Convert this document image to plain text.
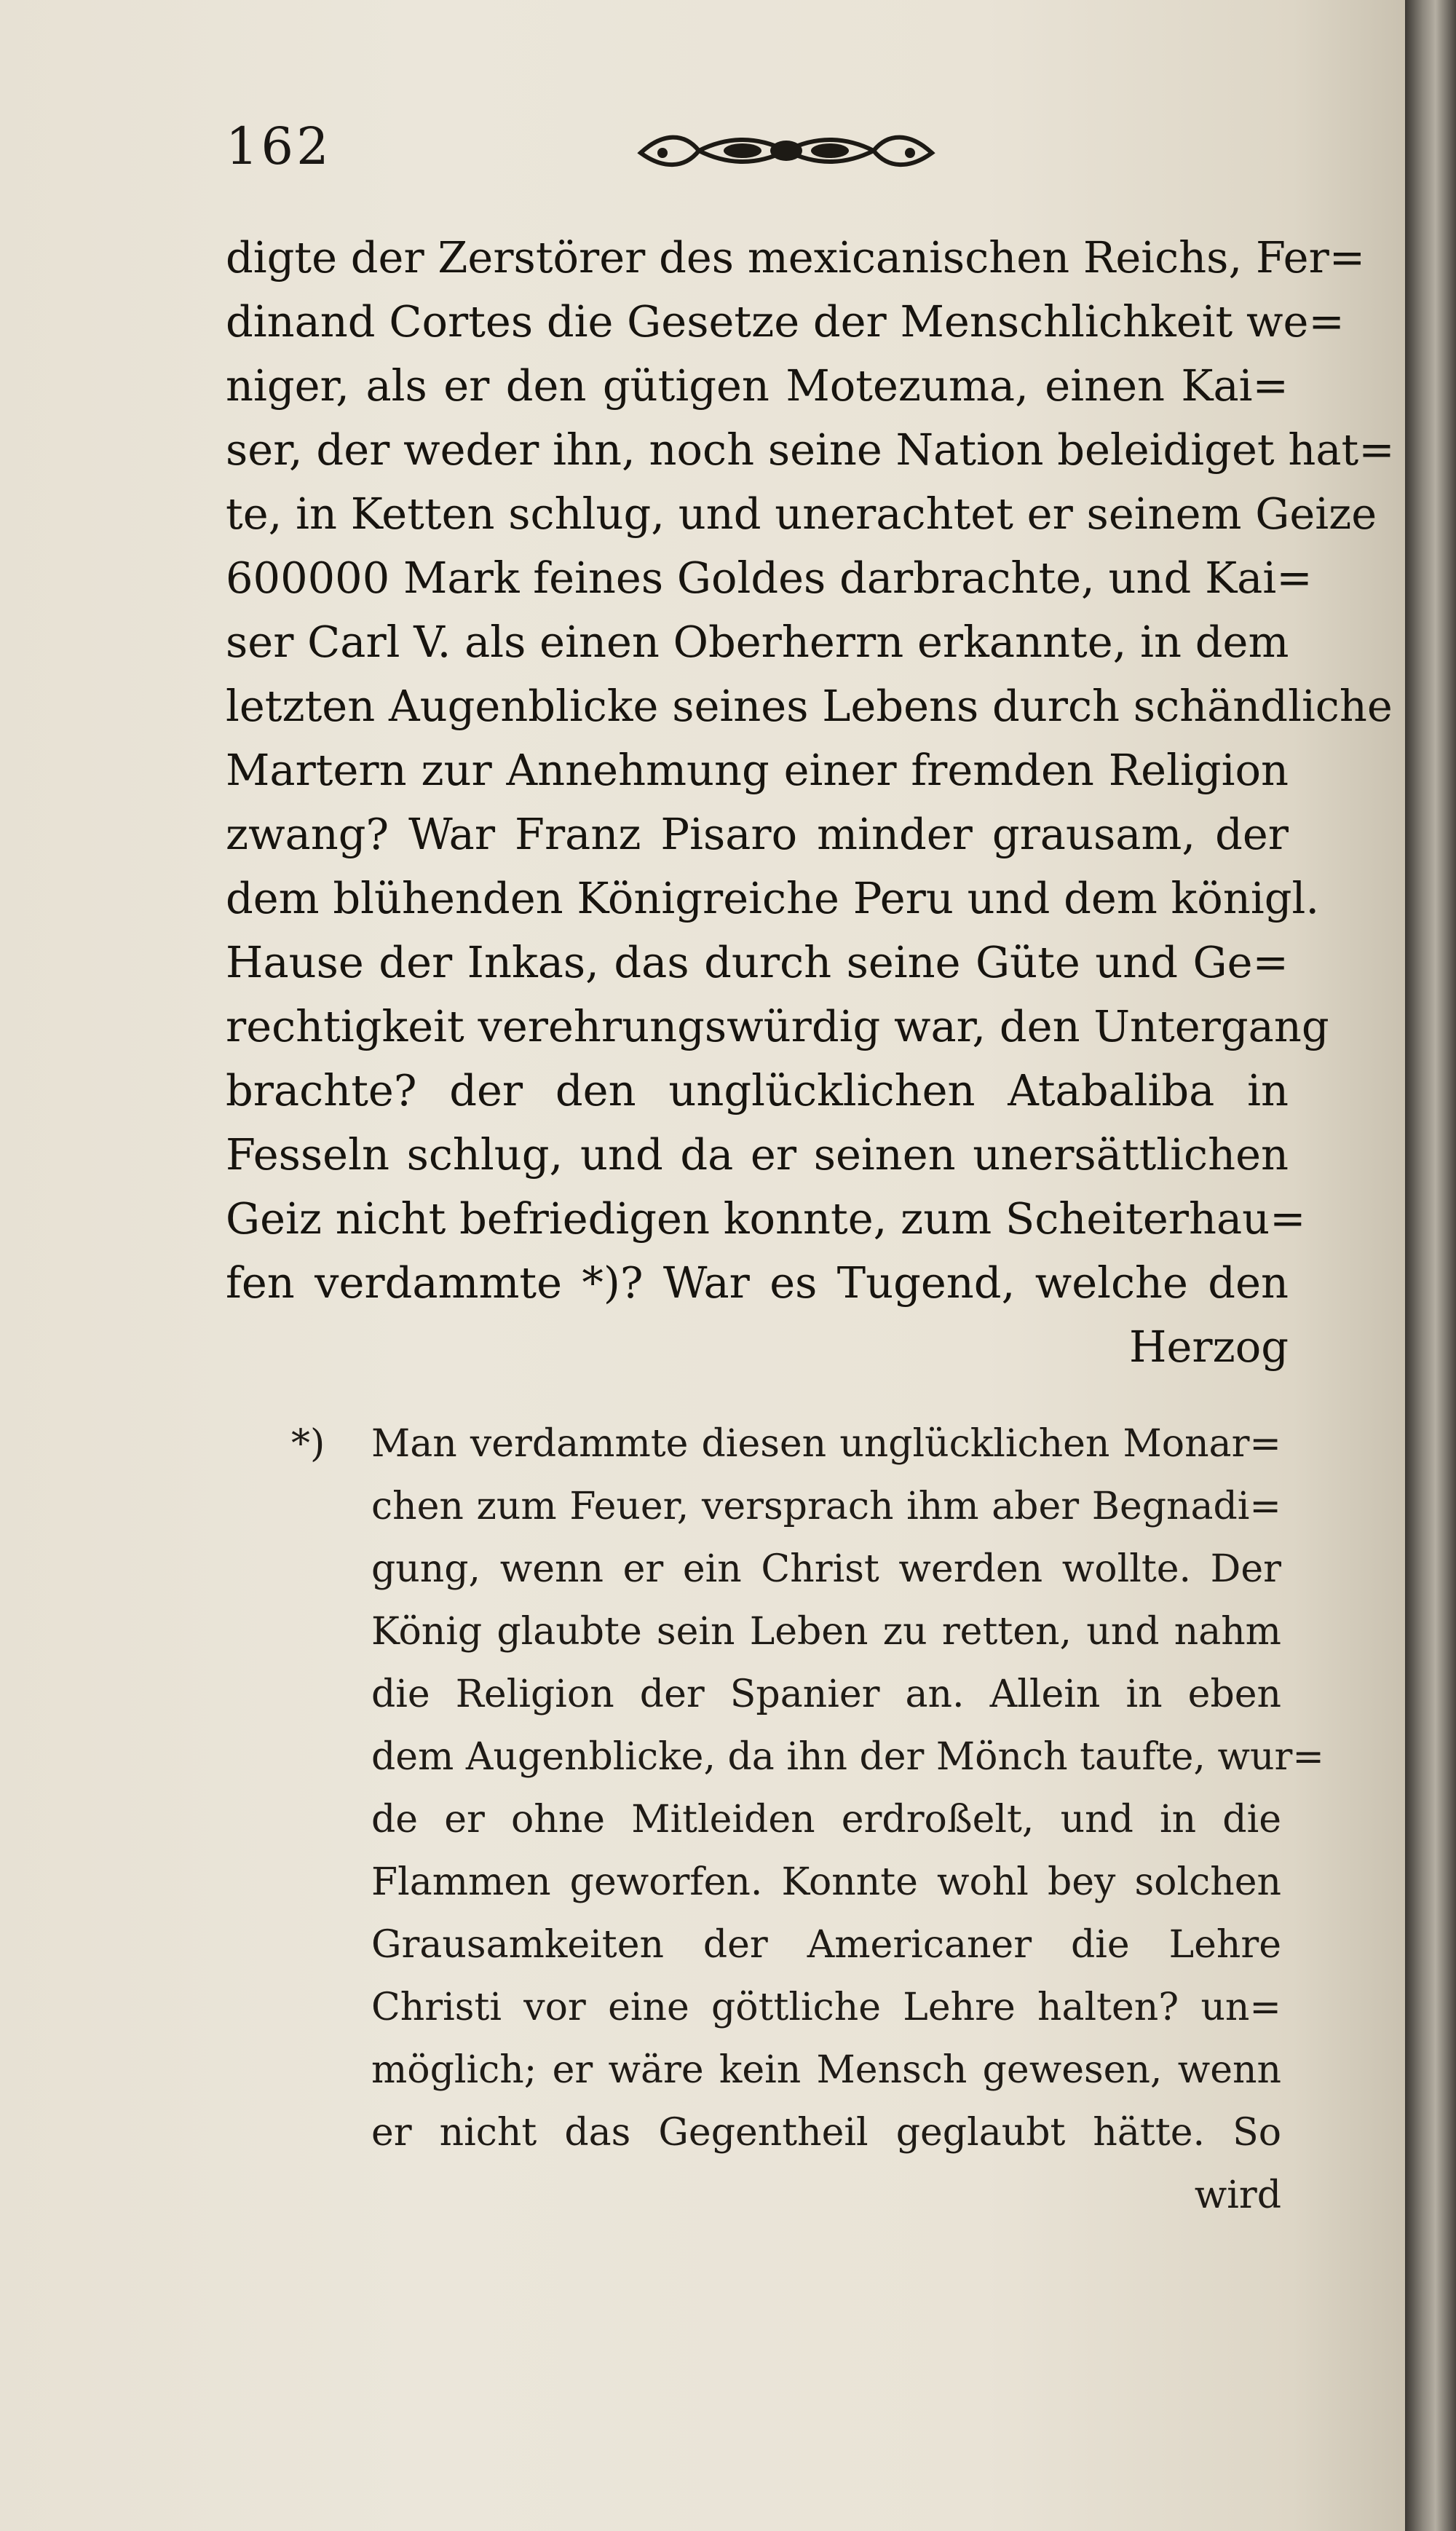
162
digte der Zerstörer des mexicanischen Reichs, Fer=
dinand Cortes die Gesetze der Menschlichkeit we=
niger, als er den gütigen Motezuma, einen Kai=
ser, der weder ihn, noch seine Nation beleidiget hat=
te, in Ketten schlug, und unerachtet er seinem Geize
600000 Mark feines Goldes darbrachte, und Kai=
ser Carl V. als einen Oberherrn erkannte, in dem
letzten Augenblicke seines Lebens durch schändliche
Martern zur Annehmung einer fremden Religion
zwang? War Franz Pisaro minder grausam, der
dem blühenden Königreiche Peru und dem königl.
Hause der Inkas, das durch seine Güte und Ge=
rechtigkeit verehrungswürdig war, den Untergang
brachte? der den unglücklichen Atabaliba in
Fesseln schlug, und da er seinen unersättlichen
Geiz nicht befriedigen konnte, zum Scheiterhau=
fen verdammte *)? War es Tugend, welche den
Herzog
*) Man verdammte diesen unglücklichen Monar=
chen zum Feuer, versprach ihm aber Begnadi=
gung, wenn er ein Christ werden wollte. Der
König glaubte sein Leben zu retten, und nahm
die Religion der Spanier an. Allein in eben
dem Augenblicke, da ihn der Mönch taufte, wur=
de er ohne Mitleiden erdroßelt, und in die
Flammen geworfen. Konnte wohl bey solchen
Grausamkeiten der Americaner die Lehre
Christi vor eine göttliche Lehre halten? un=
möglich; er wäre kein Mensch gewesen, wenn
er nicht das Gegentheil geglaubt hätte. So
wird
